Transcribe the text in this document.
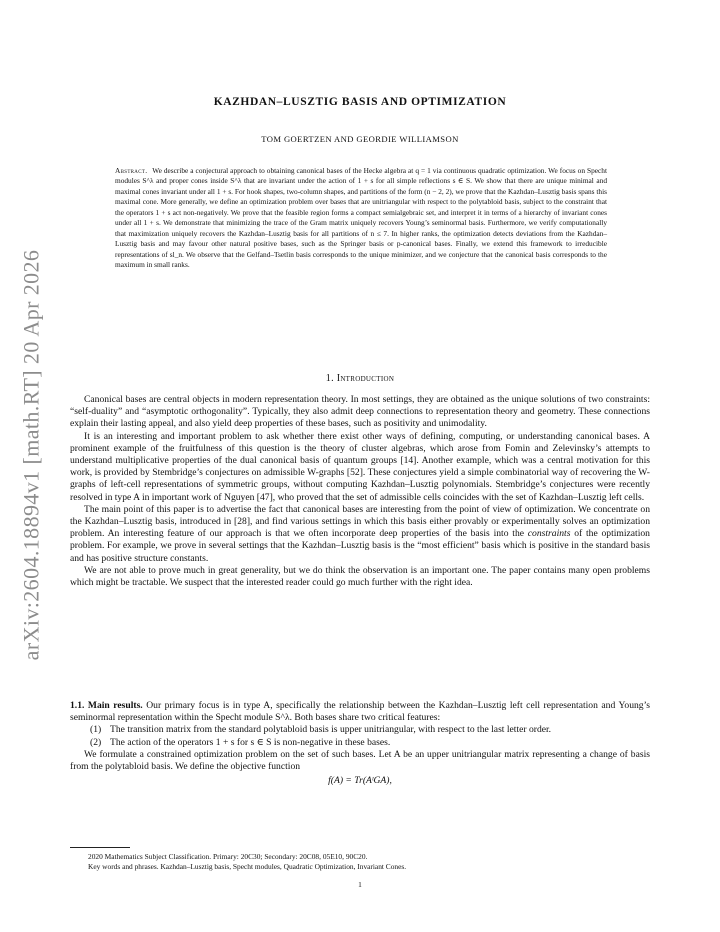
arXiv:2604.18894v1 [math.RT] 20 Apr 2026
KAZHDAN–LUSZTIG BASIS AND OPTIMIZATION
TOM GOERTZEN AND GEORDIE WILLIAMSON

Abstract. We describe a conjectural approach to obtaining canonical bases of the Hecke algebra at q = 1 via continuous quadratic optimization. We focus on Specht modules S^λ and proper cones inside S^λ that are invariant under the action of 1 + s for all simple reflections s ∈ S. We show that there are unique minimal and maximal cones invariant under all 1 + s. For hook shapes, two-column shapes, and partitions of the form (n − 2, 2), we prove that the Kazhdan–Lusztig basis spans this maximal cone. More generally, we define an optimization problem over bases that are unitriangular with respect to the polytabloid basis, subject to the constraint that the operators 1 + s act non-negatively. We prove that the feasible region forms a compact semialgebraic set, and interpret it in terms of a hierarchy of invariant cones under all 1 + s. We demonstrate that minimizing the trace of the Gram matrix uniquely recovers Young’s seminormal basis. Furthermore, we verify computationally that maximization uniquely recovers the Kazhdan–Lusztig basis for all partitions of n ≤ 7. In higher ranks, the optimization detects deviations from the Kazhdan–Lusztig basis and may favour other natural positive bases, such as the Springer basis or p-canonical bases. Finally, we extend this framework to irreducible representations of sl_n. We observe that the Gelfand–Tsetlin basis corresponds to the unique minimizer, and we conjecture that the canonical basis corresponds to the maximum in small ranks.

1. Introduction

Canonical bases are central objects in modern representation theory. In most settings, they are obtained as the unique solutions of two constraints: “self-duality” and “asymptotic orthogonality”. Typically, they also admit deep connections to representation theory and geometry. These connections explain their lasting appeal, and also yield deep properties of these bases, such as positivity and unimodality.

It is an interesting and important problem to ask whether there exist other ways of defining, computing, or understanding canonical bases. A prominent example of the fruitfulness of this question is the theory of cluster algebras, which arose from Fomin and Zelevinsky’s attempts to understand multiplicative properties of the dual canonical basis of quantum groups [14]. Another example, which was a central motivation for this work, is provided by Stembridge’s conjectures on admissible W-graphs [52]. These conjectures yield a simple combinatorial way of recovering the W-graphs of left-cell representations of symmetric groups, without computing Kazhdan–Lusztig polynomials. Stembridge’s conjectures were recently resolved in type A in important work of Nguyen [47], who proved that the set of admissible cells coincides with the set of Kazhdan–Lusztig left cells.

The main point of this paper is to advertise the fact that canonical bases are interesting from the point of view of optimization. We concentrate on the Kazhdan–Lusztig basis, introduced in [28], and find various settings in which this basis either provably or experimentally solves an optimization problem. An interesting feature of our approach is that we often incorporate deep properties of the basis into the constraints of the optimization problem. For example, we prove in several settings that the Kazhdan–Lusztig basis is the “most efficient” basis which is positive in the standard basis and has positive structure constants.

We are not able to prove much in great generality, but we do think the observation is an important one. The paper contains many open problems which might be tractable. We suspect that the interested reader could go much further with the right idea.

1.1. Main results. Our primary focus is in type A, specifically the relationship between the Kazhdan–Lusztig left cell representation and Young’s seminormal representation within the Specht module S^λ. Both bases share two critical features:

(1) The transition matrix from the standard polytabloid basis is upper unitriangular, with respect to the last letter order.
(2) The action of the operators 1 + s for s ∈ S is non-negative in these bases.

We formulate a constrained optimization problem on the set of such bases. Let A be an upper unitriangular matrix representing a change of basis from the polytabloid basis. We define the objective function

f(A) = Tr(AᵗGA),
2020 Mathematics Subject Classification. Primary: 20C30; Secondary: 20C08, 05E10, 90C20.
Key words and phrases. Kazhdan–Lusztig basis, Specht modules, Quadratic Optimization, Invariant Cones.
1
